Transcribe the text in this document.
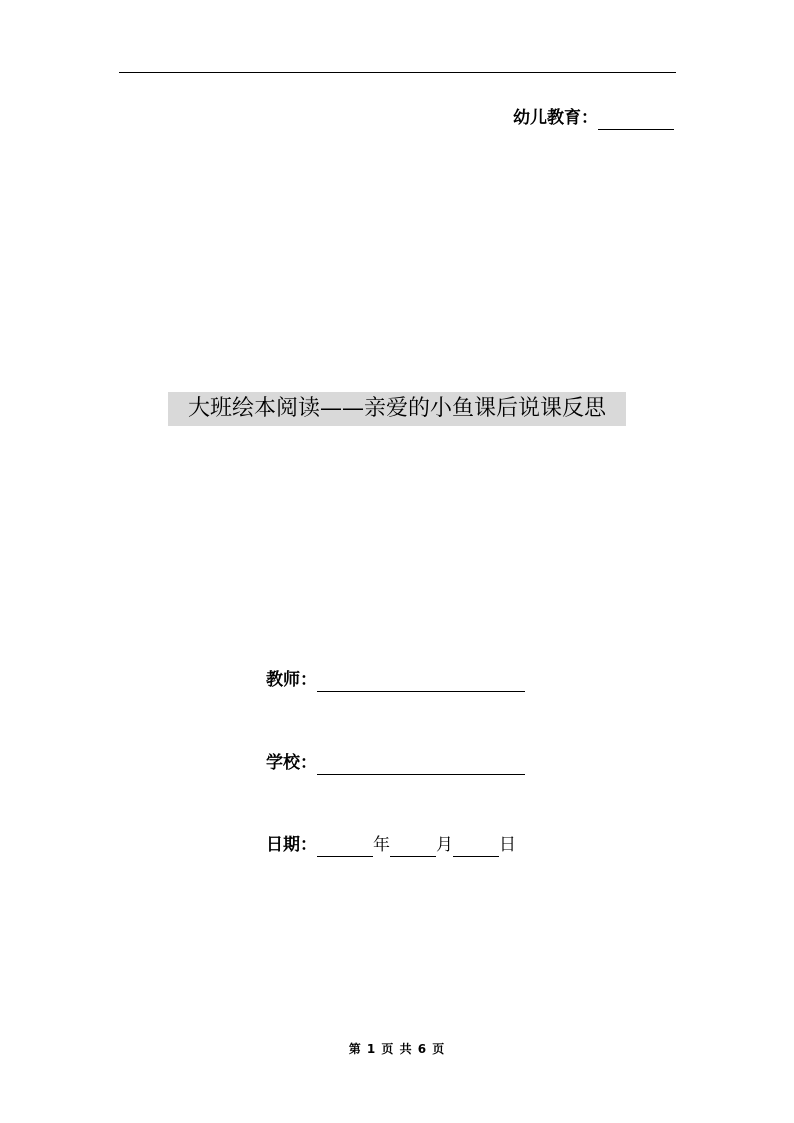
幼儿教育：
大班绘本阅读——亲爱的小鱼课后说课反思
教师：
学校：
日期：	年	月	日
第 1 页 共 6 页
